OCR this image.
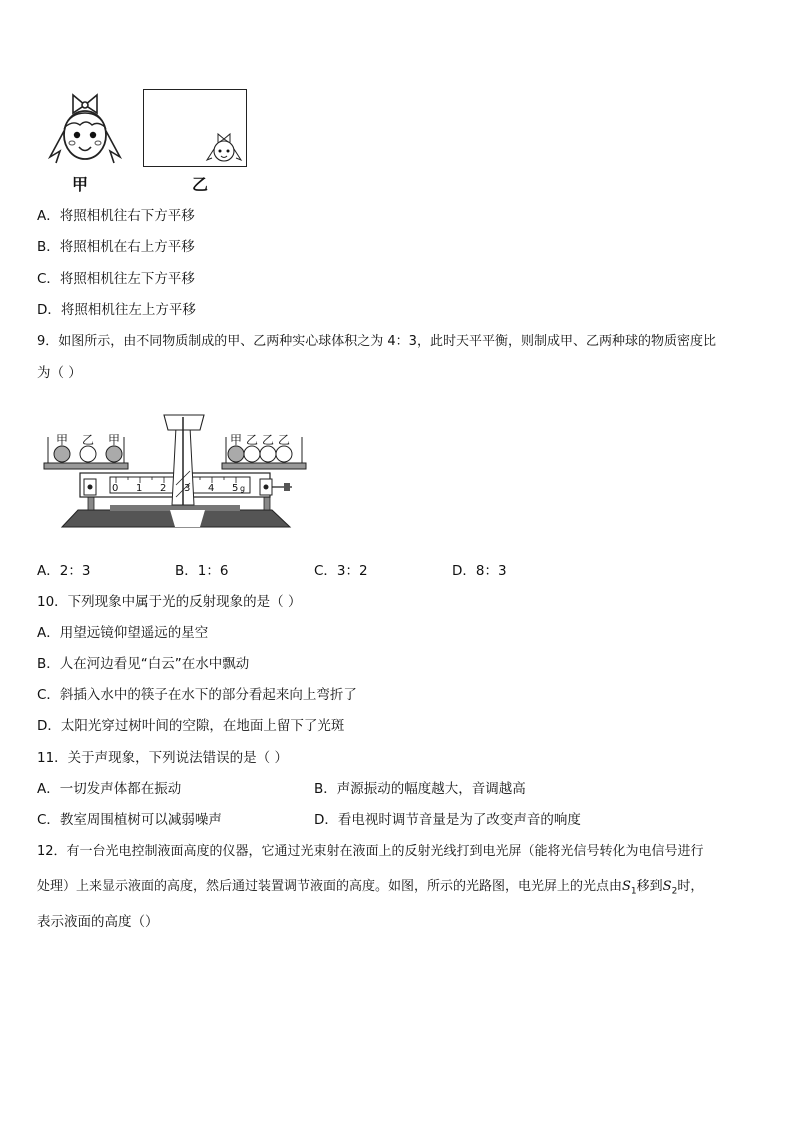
甲	乙
A．将照相机往右下方平移
B．将照相机在右上方平移
C．将照相机往左下方平移
D．将照相机往左上方平移
9．如图所示，由不同物质制成的甲、乙两种实心球体积之为 4：3，此时天平平衡，则制成甲、乙两种球的物质密度比
为（ ）
甲 乙 甲	甲 乙 乙 乙
0 1 2 3 4 5 g
A．2：3	B．1：6	C．3：2	D．8：3
10．下列现象中属于光的反射现象的是（ ）
A．用望远镜仰望遥远的星空
B．人在河边看见“白云”在水中飘动
C．斜插入水中的筷子在水下的部分看起来向上弯折了
D．太阳光穿过树叶间的空隙，在地面上留下了光斑
11．关于声现象，下列说法错误的是（ ）
A．一切发声体都在振动	B．声源振动的幅度越大，音调越高
C．教室周围植树可以减弱噪声	D．看电视时调节音量是为了改变声音的响度
12．有一台光电控制液面高度的仪器，它通过光束射在液面上的反射光线打到电光屏（能将光信号转化为电信号进行
处理）上来显示液面的高度，然后通过装置调节液面的高度。如图，所示的光路图，电光屏上的光点由$S_1$移到$S_2$时，
表示液面的高度（）
